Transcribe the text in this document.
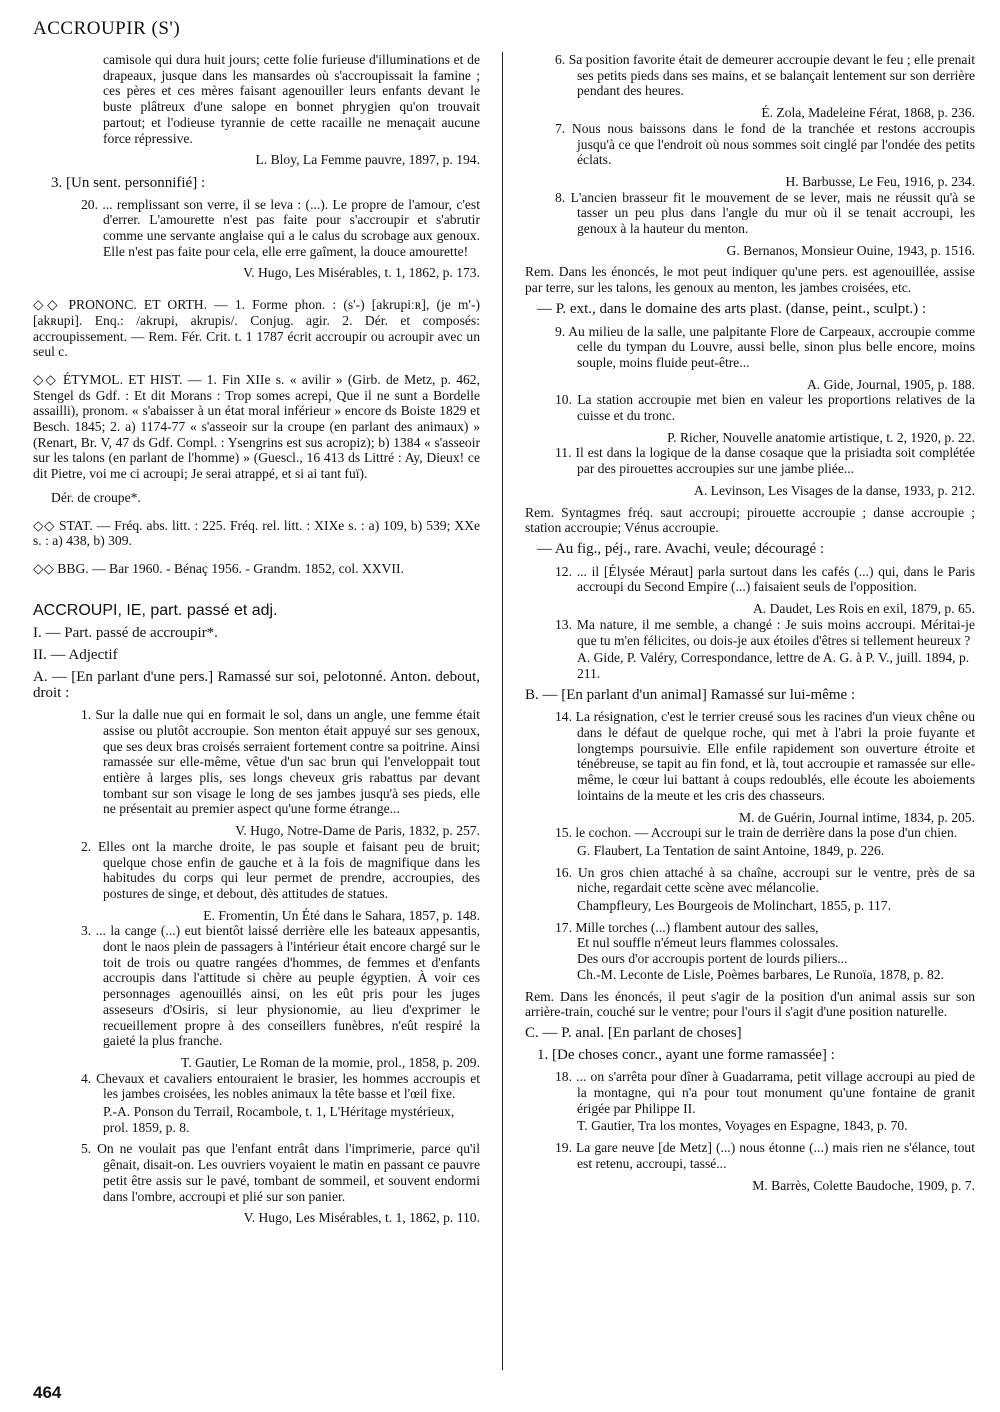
ACCROUPIR (S')

camisole qui dura huit jours; cette folie furieuse d'illuminations et de drapeaux, jusque dans les mansardes où s'accroupissait la famine ; ces pères et ces mères faisant agenouiller leurs enfants devant le buste plâtreux d'une salope en bonnet phrygien qu'on trouvait partout; et l'odieuse tyrannie de cette racaille ne menaçait aucune force répressive.

L. Bloy, La Femme pauvre, 1897, p. 194.

3. [Un sent. personnifié] :

20. ... remplissant son verre, il se leva : (...). Le propre de l'amour, c'est d'errer. L'amourette n'est pas faite pour s'accroupir et s'abrutir comme une servante anglaise qui a le calus du scrobage aux genoux. Elle n'est pas faite pour cela, elle erre gaîment, la douce amourette!

V. Hugo, Les Misérables, t. 1, 1862, p. 173.

◇◇ PRONONC. ET ORTH. — 1. Forme phon. : (s'-) [akrupiːʀ], (je m'-) [akʀupi]. Enq.: /akrupi, akrupis/. Conjug. agir. 2. Dér. et composés: accroupissement. — Rem. Fér. Crit. t. 1 1787 écrit accroupir ou acroupir avec un seul c.

◇◇ ÉTYMOL. ET HIST. — 1. Fin XIIe s. « avilir » (Girb. de Metz, p. 462, Stengel ds Gdf. : Et dit Morans : Trop somes acrepi, Que il ne sunt a Bordelle assailli), pronom. « s'abaisser à un état moral inférieur » encore ds Boiste 1829 et Besch. 1845; 2. a) 1174-77 « s'asseoir sur la croupe (en parlant des animaux) » (Renart, Br. V, 47 ds Gdf. Compl. : Ysengrins est sus acropiz); b) 1384 « s'asseoir sur les talons (en parlant de l'homme) » (Guescl., 16 413 ds Littré : Ay, Dieux! ce dit Pietre, voi me ci acroupi; Je serai atrappé, et si ai tant fuï).

Dér. de croupe*.

◇◇ STAT. — Fréq. abs. litt. : 225. Fréq. rel. litt. : XIXe s. : a) 109, b) 539; XXe s. : a) 438, b) 309.

◇◇ BBG. — Bar 1960. - Bénaç 1956. - Grandm. 1852, col. XXVII.

ACCROUPI, IE, part. passé et adj.

I. — Part. passé de accroupir*.

II. — Adjectif

A. — [En parlant d'une pers.] Ramassé sur soi, pelotonné. Anton. debout, droit :

1. Sur la dalle nue qui en formait le sol, dans un angle, une femme était assise ou plutôt accroupie. Son menton était appuyé sur ses genoux, que ses deux bras croisés serraient fortement contre sa poitrine. Ainsi ramassée sur elle-même, vêtue d'un sac brun qui l'enveloppait tout entière à larges plis, ses longs cheveux gris rabattus par devant tombant sur son visage le long de ses jambes jusqu'à ses pieds, elle ne présentait au premier aspect qu'une forme étrange...

V. Hugo, Notre-Dame de Paris, 1832, p. 257.

2. Elles ont la marche droite, le pas souple et faisant peu de bruit; quelque chose enfin de gauche et à la fois de magnifique dans les habitudes du corps qui leur permet de prendre, accroupies, des postures de singe, et debout, dès attitudes de statues.

E. Fromentin, Un Été dans le Sahara, 1857, p. 148.

3. ... la cange (...) eut bientôt laissé derrière elle les bateaux appesantis, dont le naos plein de passagers à l'intérieur était encore chargé sur le toit de trois ou quatre rangées d'hommes, de femmes et d'enfants accroupis dans l'attitude si chère au peuple égyptien. À voir ces personnages agenouillés ainsi, on les eût pris pour les juges asseseurs d'Osiris, si leur physionomie, au lieu d'exprimer le recueillement propre à des conseillers funèbres, n'eût respiré la gaieté la plus franche.

T. Gautier, Le Roman de la momie, prol., 1858, p. 209.

4. Chevaux et cavaliers entouraient le brasier, les hommes accroupis et les jambes croisées, les nobles animaux la tête basse et l'œil fixe.

P.-A. Ponson du Terrail, Rocambole, t. 1, L'Héritage mystérieux, prol. 1859, p. 8.

5. On ne voulait pas que l'enfant entrât dans l'imprimerie, parce qu'il gênait, disait-on. Les ouvriers voyaient le matin en passant ce pauvre petit être assis sur le pavé, tombant de sommeil, et souvent endormi dans l'ombre, accroupi et plié sur son panier.

V. Hugo, Les Misérables, t. 1, 1862, p. 110.

6. Sa position favorite était de demeurer accroupie devant le feu ; elle prenait ses petits pieds dans ses mains, et se balançait lentement sur son derrière pendant des heures.

É. Zola, Madeleine Férat, 1868, p. 236.

7. Nous nous baissons dans le fond de la tranchée et restons accroupis jusqu'à ce que l'endroit où nous sommes soit cinglé par l'ondée des petits éclats.

H. Barbusse, Le Feu, 1916, p. 234.

8. L'ancien brasseur fit le mouvement de se lever, mais ne réussit qu'à se tasser un peu plus dans l'angle du mur où il se tenait accroupi, les genoux à la hauteur du menton.

G. Bernanos, Monsieur Ouine, 1943, p. 1516.

Rem. Dans les énoncés, le mot peut indiquer qu'une pers. est agenouillée, assise par terre, sur les talons, les genoux au menton, les jambes croisées, etc.

— P. ext., dans le domaine des arts plast. (danse, peint., sculpt.) :

9. Au milieu de la salle, une palpitante Flore de Carpeaux, accroupie comme celle du tympan du Louvre, aussi belle, sinon plus belle encore, moins souple, moins fluide peut-être...

A. Gide, Journal, 1905, p. 188.

10. La station accroupie met bien en valeur les proportions relatives de la cuisse et du tronc.

P. Richer, Nouvelle anatomie artistique, t. 2, 1920, p. 22.

11. Il est dans la logique de la danse cosaque que la prisiadta soit complétée par des pirouettes accroupies sur une jambe pliée...

A. Levinson, Les Visages de la danse, 1933, p. 212.

Rem. Syntagmes fréq. saut accroupi; pirouette accroupie ; danse accroupie ; station accroupie; Vénus accroupie.

— Au fig., péj., rare. Avachi, veule; découragé :

12. ... il [Élysée Méraut] parla surtout dans les cafés (...) qui, dans le Paris accroupi du Second Empire (...) faisaient seuls de l'opposition.

A. Daudet, Les Rois en exil, 1879, p. 65.

13. Ma nature, il me semble, a changé : Je suis moins accroupi. Méritai-je que tu m'en félicites, ou dois-je aux étoiles d'êtres si tellement heureux ?

A. Gide, P. Valéry, Correspondance, lettre de A. G. à P. V., juill. 1894, p. 211.

B. — [En parlant d'un animal] Ramassé sur lui-même :

14. La résignation, c'est le terrier creusé sous les racines d'un vieux chêne ou dans le défaut de quelque roche, qui met à l'abri la proie fuyante et longtemps poursuivie. Elle enfile rapidement son ouverture étroite et ténébreuse, se tapit au fin fond, et là, tout accroupie et ramassée sur elle-même, le cœur lui battant à coups redoublés, elle écoute les aboiements lointains de la meute et les cris des chasseurs.

M. de Guérin, Journal intime, 1834, p. 205.

15. le cochon. — Accroupi sur le train de derrière dans la pose d'un chien.

G. Flaubert, La Tentation de saint Antoine, 1849, p. 226.

16. Un gros chien attaché à sa chaîne, accroupi sur le ventre, près de sa niche, regardait cette scène avec mélancolie.

Champfleury, Les Bourgeois de Molinchart, 1855, p. 117.

17. Mille torches (...) flambent autour des salles,

Et nul souffle n'émeut leurs flammes colossales.

Des ours d'or accroupis portent de lourds piliers...

Ch.-M. Leconte de Lisle, Poèmes barbares, Le Runoïa, 1878, p. 82.

Rem. Dans les énoncés, il peut s'agir de la position d'un animal assis sur son arrière-train, couché sur le ventre; pour l'ours il s'agit d'une position naturelle.

C. — P. anal. [En parlant de choses]

1. [De choses concr., ayant une forme ramassée] :

18. ... on s'arrêta pour dîner à Guadarrama, petit village accroupi au pied de la montagne, qui n'a pour tout monument qu'une fontaine de granit érigée par Philippe II.

T. Gautier, Tra los montes, Voyages en Espagne, 1843, p. 70.

19. La gare neuve [de Metz] (...) nous étonne (...) mais rien ne s'élance, tout est retenu, accroupi, tassé...

M. Barrès, Colette Baudoche, 1909, p. 7.

464
